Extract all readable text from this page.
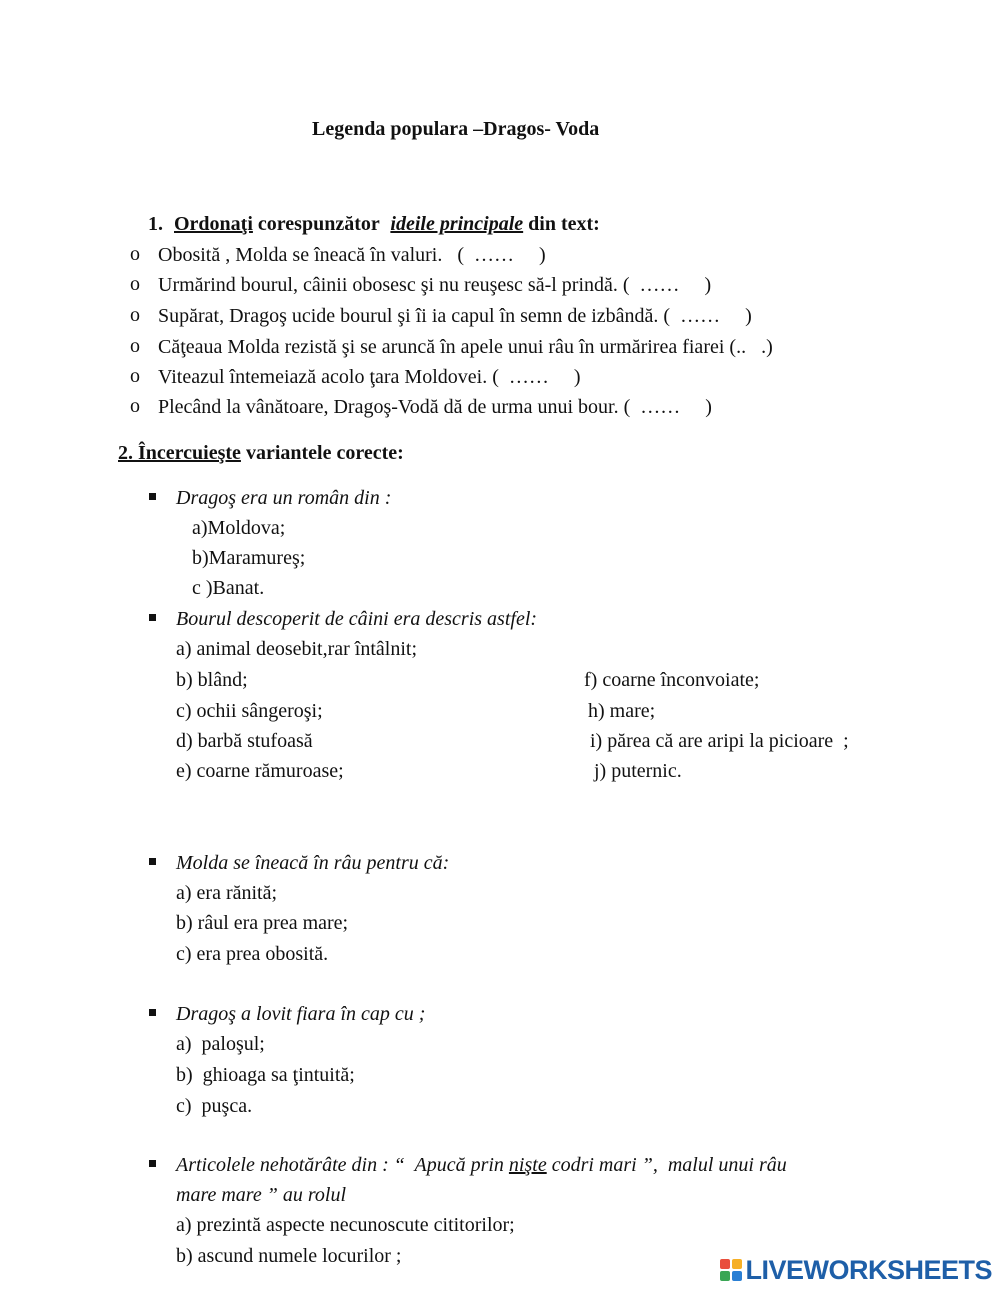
Legenda populara –Dragos- Voda
1. Ordonaţi corespunzător ideile principale din text:
o Obosită , Molda se îneacă în valuri.   (  ……     )
o Urmărind bourul, câinii obosesc şi nu reuşesc să-l prindă. (  ……     )
o Supărat, Dragoş ucide bourul şi îi ia capul în semn de izbândă. (  ……     )
o Căţeaua Molda rezistă şi se aruncă în apele unui râu în urmărirea fiarei (..   .)
o Viteazul întemeiază acolo ţara Moldovei. (  ……     )
o Plecând la vânătoare, Dragoş-Vodă dă de urma unui bour. (  ……     )
2. Încercuieşte variantele corecte:
Dragoş era un român din :
a)Moldova;
b)Maramureş;
c )Banat.
Bourul descoperit de câini era descris astfel:
a) animal deosebit,rar întâlnit;
b) blând;
c) ochii sângeroşi;
d) barbă stufoasă
e) coarne rămuroase;
f) coarne înconvoiate;
h) mare;
i) părea că are aripi la picioare  ;
j) puternic.
Molda se îneacă în râu pentru că:
a) era rănită;
b) râul era prea mare;
c) era prea obosită.
Dragoş a lovit fiara în cap cu ;
a)  paloşul;
b)  ghioaga sa ţintuită;
c)  puşca.
Articolele nehotărâte din : “  Apucă prin nişte codri mari ”,  malul unui râu
mare mare ” au rolul
a) prezintă aspecte necunoscute cititorilor;
b) ascund numele locurilor ;	LIVEWORKSHEETS
